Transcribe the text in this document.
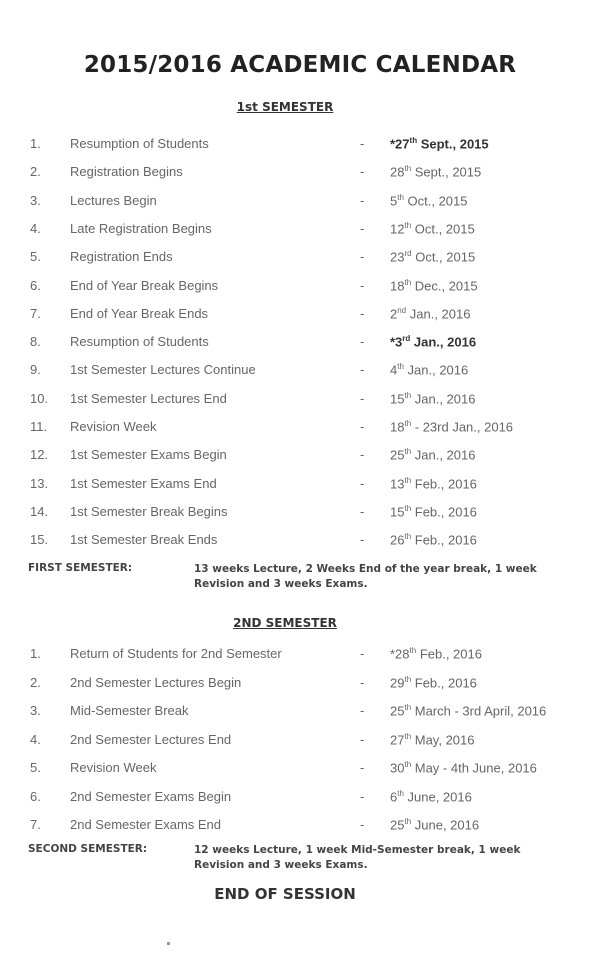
2015/2016 ACADEMIC CALENDAR
1st SEMESTER
1.	Resumption of Students	-	*27th Sept., 2015
2.	Registration Begins	-	28th Sept., 2015
3.	Lectures Begin	-	5th Oct., 2015
4.	Late Registration Begins	-	12th Oct., 2015
5.	Registration Ends	-	23rd Oct., 2015
6.	End of Year Break Begins	-	18th Dec., 2015
7.	End of Year Break Ends	-	2nd Jan., 2016
8.	Resumption of Students	-	*3rd Jan., 2016
9.	1st Semester Lectures Continue	-	4th Jan., 2016
10.	1st Semester Lectures End	-	15th Jan., 2016
11.	Revision Week	-	18th - 23rd Jan., 2016
12.	1st Semester Exams Begin	-	25th Jan., 2016
13.	1st Semester Exams End	-	13th Feb., 2016
14.	1st Semester Break Begins	-	15th Feb., 2016
15.	1st Semester Break Ends	-	26th Feb., 2016
FIRST SEMESTER:	13 weeks Lecture, 2 Weeks End of the year break, 1 week Revision and 3 weeks Exams.
2ND SEMESTER
1.	Return of Students for 2nd Semester	-	*28th Feb., 2016
2.	2nd Semester Lectures Begin	-	29th Feb., 2016
3.	Mid-Semester Break	-	25th March - 3rd April, 2016
4.	2nd Semester Lectures End	-	27th May, 2016
5.	Revision Week	-	30th May - 4th June, 2016
6.	2nd Semester Exams Begin	-	6th June, 2016
7.	2nd Semester Exams End	-	25th June, 2016
SECOND SEMESTER:	12 weeks Lecture, 1 week Mid-Semester break, 1 week Revision and 3 weeks Exams.
END OF SESSION
